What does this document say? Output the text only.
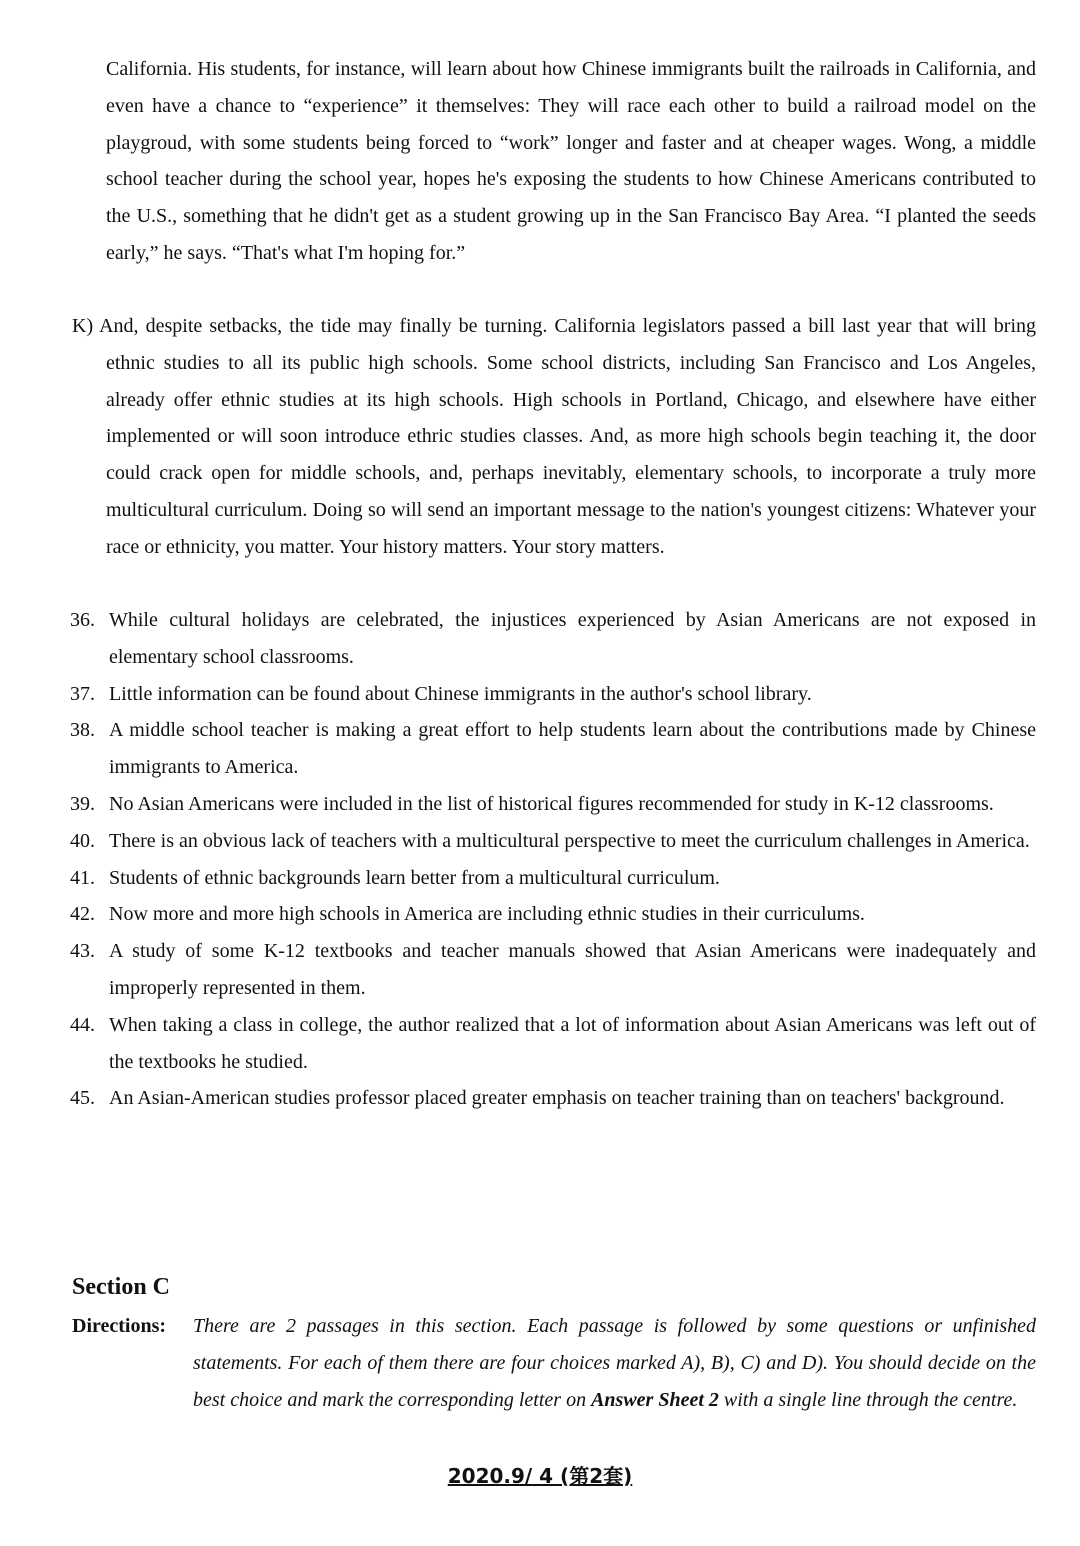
California. His students, for instance, will learn about how Chinese immigrants built the railroads in California, and even have a chance to “experience” it themselves: They will race each other to build a railroad model on the playgroud, with some students being forced to “work” longer and faster and at cheaper wages. Wong, a middle school teacher during the school year, hopes he's exposing the students to how Chinese Americans contributed to the U.S., something that he didn't get as a student growing up in the San Francisco Bay Area. “I planted the seeds early,” he says. “That's what I'm hoping for.”
K) And, despite setbacks, the tide may finally be turning. California legislators passed a bill last year that will bring ethnic studies to all its public high schools. Some school districts, including San Francisco and Los Angeles, already offer ethnic studies at its high schools. High schools in Portland, Chicago, and elsewhere have either implemented or will soon introduce ethric studies classes. And, as more high schools begin teaching it, the door could crack open for middle schools, and, perhaps inevitably, elementary schools, to incorporate a truly more multicultural curriculum. Doing so will send an important message to the nation's youngest citizens: Whatever your race or ethnicity, you matter. Your history matters. Your story matters.
36. While cultural holidays are celebrated, the injustices experienced by Asian Americans are not exposed in elementary school classrooms.
37. Little information can be found about Chinese immigrants in the author's school library.
38. A middle school teacher is making a great effort to help students learn about the contributions made by Chinese immigrants to America.
39. No Asian Americans were included in the list of historical figures recommended for study in K-12 classrooms.
40. There is an obvious lack of teachers with a multicultural perspective to meet the curriculum challenges in America.
41. Students of ethnic backgrounds learn better from a multicultural curriculum.
42. Now more and more high schools in America are including ethnic studies in their curriculums.
43. A study of some K-12 textbooks and teacher manuals showed that Asian Americans were inadequately and improperly represented in them.
44. When taking a class in college, the author realized that a lot of information about Asian Americans was left out of the textbooks he studied.
45. An Asian-American studies professor placed greater emphasis on teacher training than on teachers' background.
Section C
Directions: There are 2 passages in this section. Each passage is followed by some questions or unfinished statements. For each of them there are four choices marked A), B), C) and D). You should decide on the best choice and mark the corresponding letter on Answer Sheet 2 with a single line through the centre.
2020.9/ 4 (第2套)
